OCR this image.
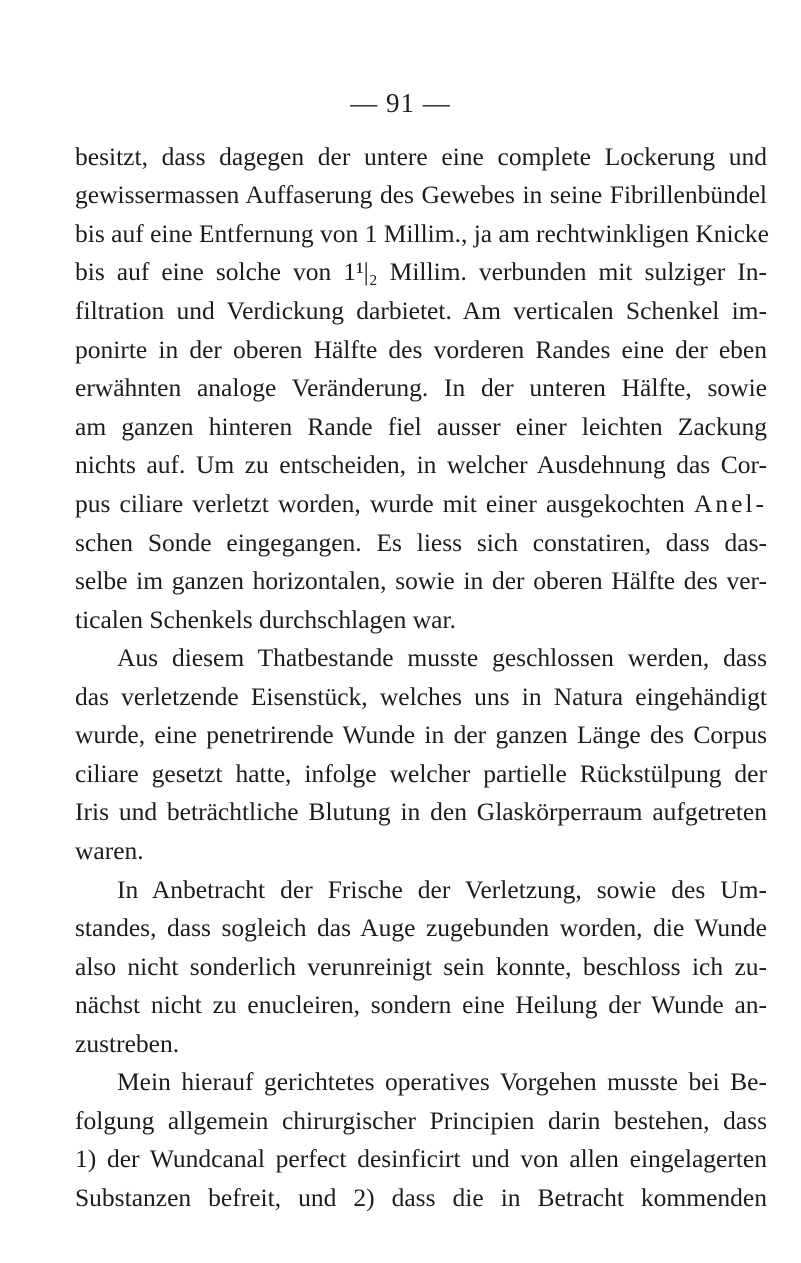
— 91 —
besitzt, dass dagegen der untere eine complete Lockerung und
gewissermassen Auffaserung des Gewebes in seine Fibrillenbündel
bis auf eine Entfernung von 1 Millim., ja am rechtwinkligen Knicke
bis auf eine solche von 1¹|₂ Millim. verbunden mit sulziger In-
filtration und Verdickung darbietet. Am verticalen Schenkel im-
ponirte in der oberen Hälfte des vorderen Randes eine der eben
erwähnten analoge Veränderung. In der unteren Hälfte, sowie
am ganzen hinteren Rande fiel ausser einer leichten Zackung
nichts auf. Um zu entscheiden, in welcher Ausdehnung das Cor-
pus ciliare verletzt worden, wurde mit einer ausgekochten Anel-
schen Sonde eingegangen. Es liess sich constatiren, dass das-
selbe im ganzen horizontalen, sowie in der oberen Hälfte des ver-
ticalen Schenkels durchschlagen war.
Aus diesem Thatbestande musste geschlossen werden, dass
das verletzende Eisenstück, welches uns in Natura eingehändigt
wurde, eine penetrirende Wunde in der ganzen Länge des Corpus
ciliare gesetzt hatte, infolge welcher partielle Rückstülpung der
Iris und beträchtliche Blutung in den Glaskörperraum aufgetreten
waren.
In Anbetracht der Frische der Verletzung, sowie des Um-
standes, dass sogleich das Auge zugebunden worden, die Wunde
also nicht sonderlich verunreinigt sein konnte, beschloss ich zu-
nächst nicht zu enucleiren, sondern eine Heilung der Wunde an-
zustreben.
Mein hierauf gerichtetes operatives Vorgehen musste bei Be-
folgung allgemein chirurgischer Principien darin bestehen, dass
1) der Wundcanal perfect desinficirt und von allen eingelagerten
Substanzen befreit, und 2) dass die in Betracht kommenden
